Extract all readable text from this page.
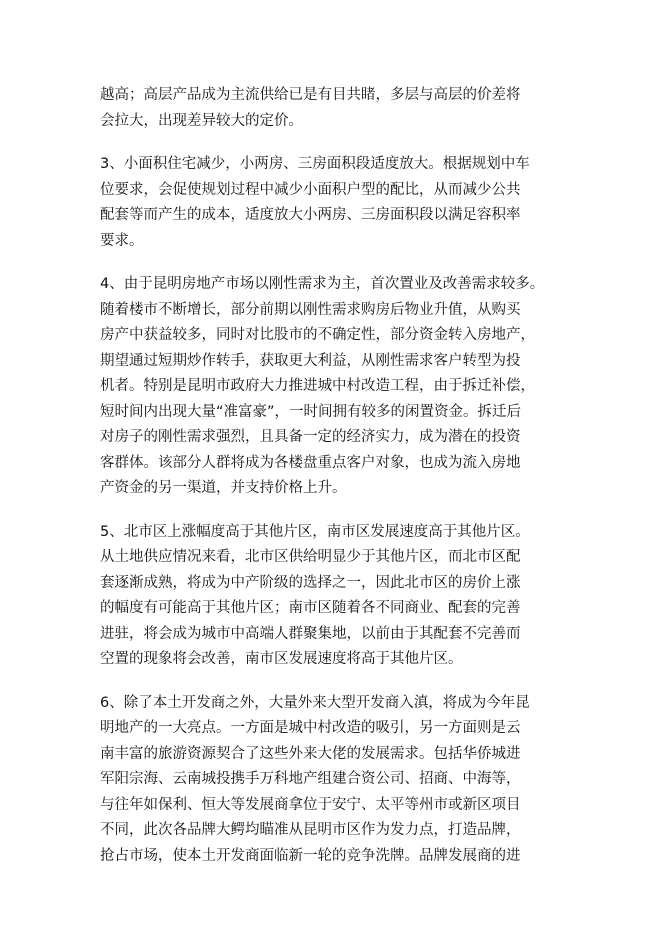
越高；高层产品成为主流供给已是有目共睹，多层与高层的价差将
会拉大，出现差异较大的定价。

3、小面积住宅减少，小两房、三房面积段适度放大。根据规划中车
位要求，会促使规划过程中减少小面积户型的配比，从而减少公共
配套等而产生的成本，适度放大小两房、三房面积段以满足容积率
要求。

4、由于昆明房地产市场以刚性需求为主，首次置业及改善需求较多。
随着楼市不断增长，部分前期以刚性需求购房后物业升值，从购买
房产中获益较多，同时对比股市的不确定性，部分资金转入房地产，
期望通过短期炒作转手，获取更大利益，从刚性需求客户转型为投
机者。特别是昆明市政府大力推进城中村改造工程，由于拆迁补偿，
短时间内出现大量“准富豪”，一时间拥有较多的闲置资金。拆迁后
对房子的刚性需求强烈，且具备一定的经济实力，成为潜在的投资
客群体。该部分人群将成为各楼盘重点客户对象，也成为流入房地
产资金的另一渠道，并支持价格上升。

5、北市区上涨幅度高于其他片区，南市区发展速度高于其他片区。
从土地供应情况来看，北市区供给明显少于其他片区，而北市区配
套逐渐成熟，将成为中产阶级的选择之一，因此北市区的房价上涨
的幅度有可能高于其他片区；南市区随着各不同商业、配套的完善
进驻，将会成为城市中高端人群聚集地，以前由于其配套不完善而
空置的现象将会改善，南市区发展速度将高于其他片区。

6、除了本土开发商之外，大量外来大型开发商入滇，将成为今年昆
明地产的一大亮点。一方面是城中村改造的吸引，另一方面则是云
南丰富的旅游资源契合了这些外来大佬的发展需求。包括华侨城进
军阳宗海、云南城投携手万科地产组建合资公司、招商、中海等，
与往年如保利、恒大等发展商拿位于安宁、太平等州市或新区项目
不同，此次各品牌大鳄均瞄准从昆明市区作为发力点，打造品牌，
抢占市场，使本土开发商面临新一轮的竞争洗牌。品牌发展商的进
